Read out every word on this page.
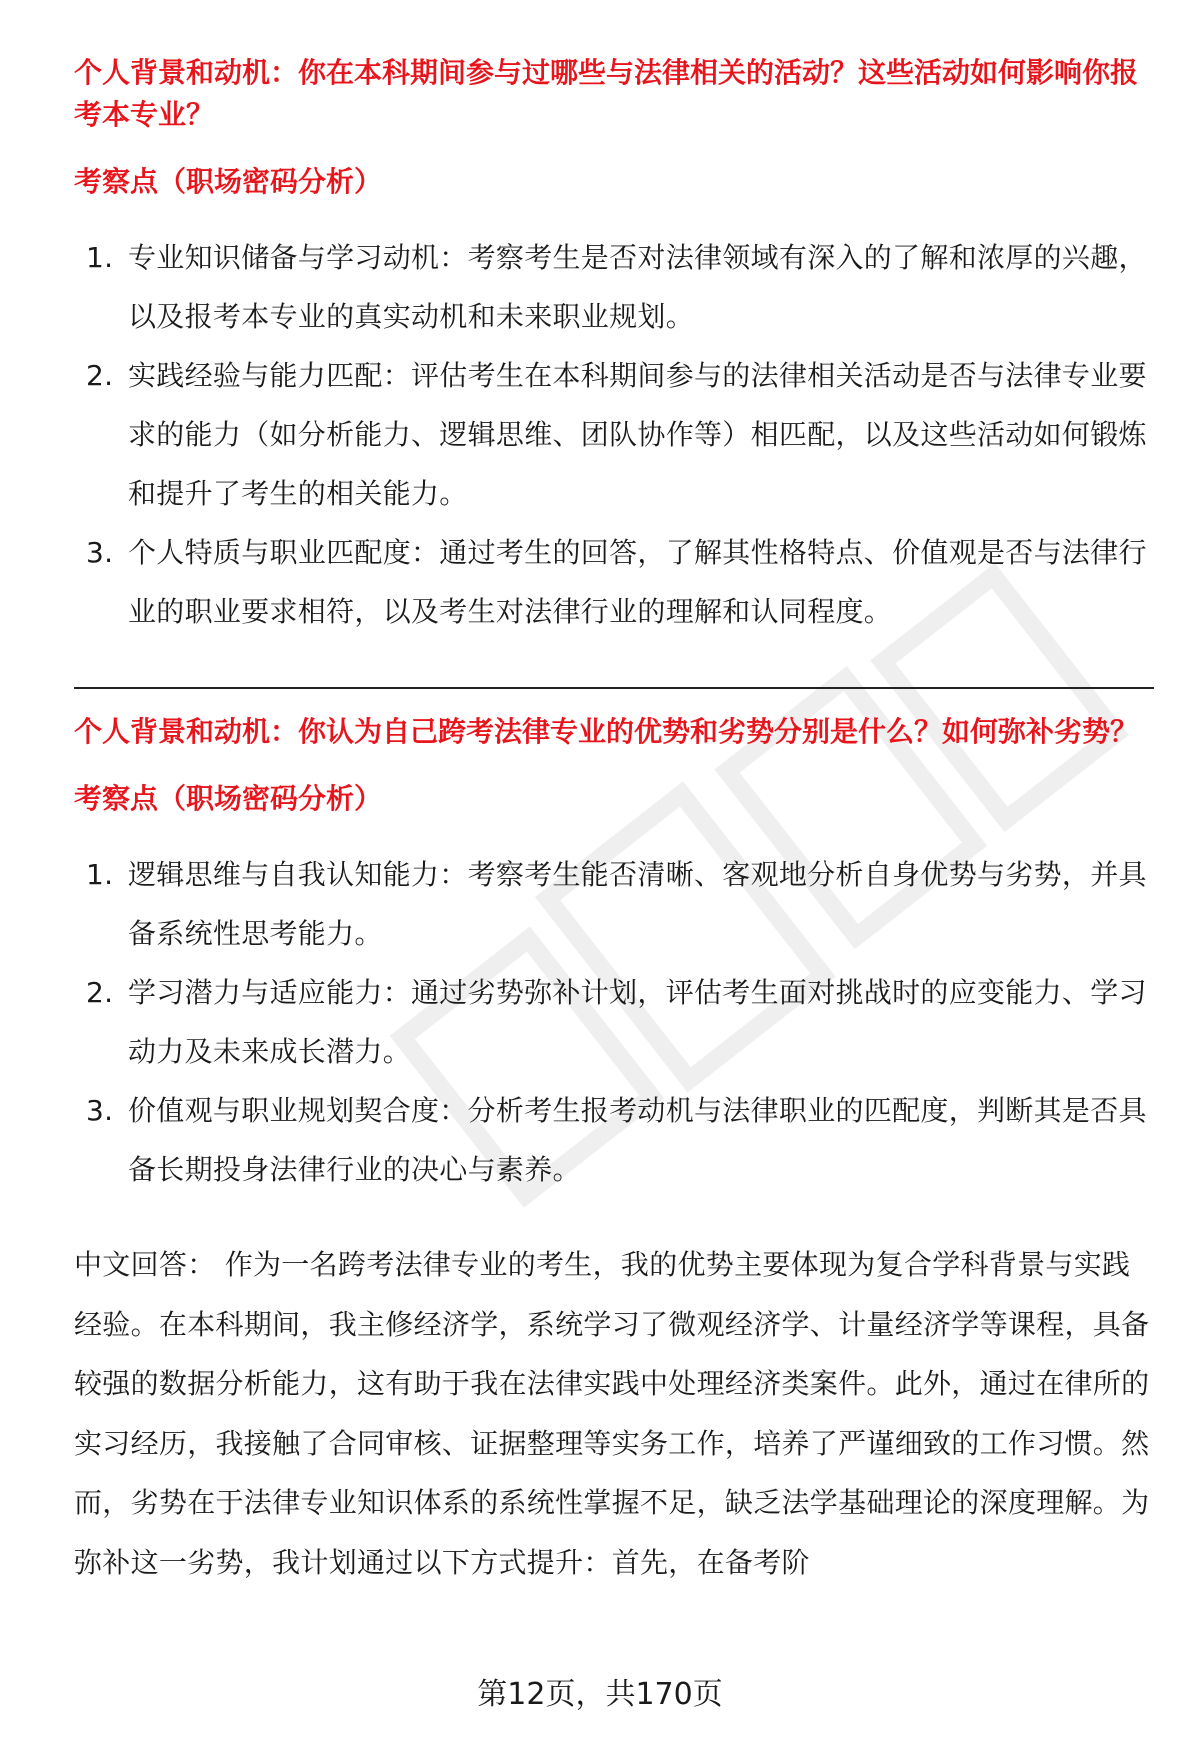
个人背景和动机：你在本科期间参与过哪些与法律相关的活动？这些活动如何影响你报考本专业？
考察点（职场密码分析）
1. 专业知识储备与学习动机：考察考生是否对法律领域有深入的了解和浓厚的兴趣，以及报考本专业的真实动机和未来职业规划。
2. 实践经验与能力匹配：评估考生在本科期间参与的法律相关活动是否与法律专业要求的能力（如分析能力、逻辑思维、团队协作等）相匹配，以及这些活动如何锻炼和提升了考生的相关能力。
3. 个人特质与职业匹配度：通过考生的回答，了解其性格特点、价值观是否与法律行业的职业要求相符，以及考生对法律行业的理解和认同程度。
个人背景和动机：你认为自己跨考法律专业的优势和劣势分别是什么？如何弥补劣势？
考察点（职场密码分析）
1. 逻辑思维与自我认知能力：考察考生能否清晰、客观地分析自身优势与劣势，并具备系统性思考能力。
2. 学习潜力与适应能力：通过劣势弥补计划，评估考生面对挑战时的应变能力、学习动力及未来成长潜力。
3. 价值观与职业规划契合度：分析考生报考动机与法律职业的匹配度，判断其是否具备长期投身法律行业的决心与素养。

中文回答： 作为一名跨考法律专业的考生，我的优势主要体现为复合学科背景与实践经验。在本科期间，我主修经济学，系统学习了微观经济学、计量经济学等课程，具备较强的数据分析能力，这有助于我在法律实践中处理经济类案件。此外，通过在律所的实习经历，我接触了合同审核、证据整理等实务工作，培养了严谨细致的工作习惯。然而，劣势在于法律专业知识体系的系统性掌握不足，缺乏法学基础理论的深度理解。为弥补这一劣势，我计划通过以下方式提升：首先，在备考阶

第12页，共170页
